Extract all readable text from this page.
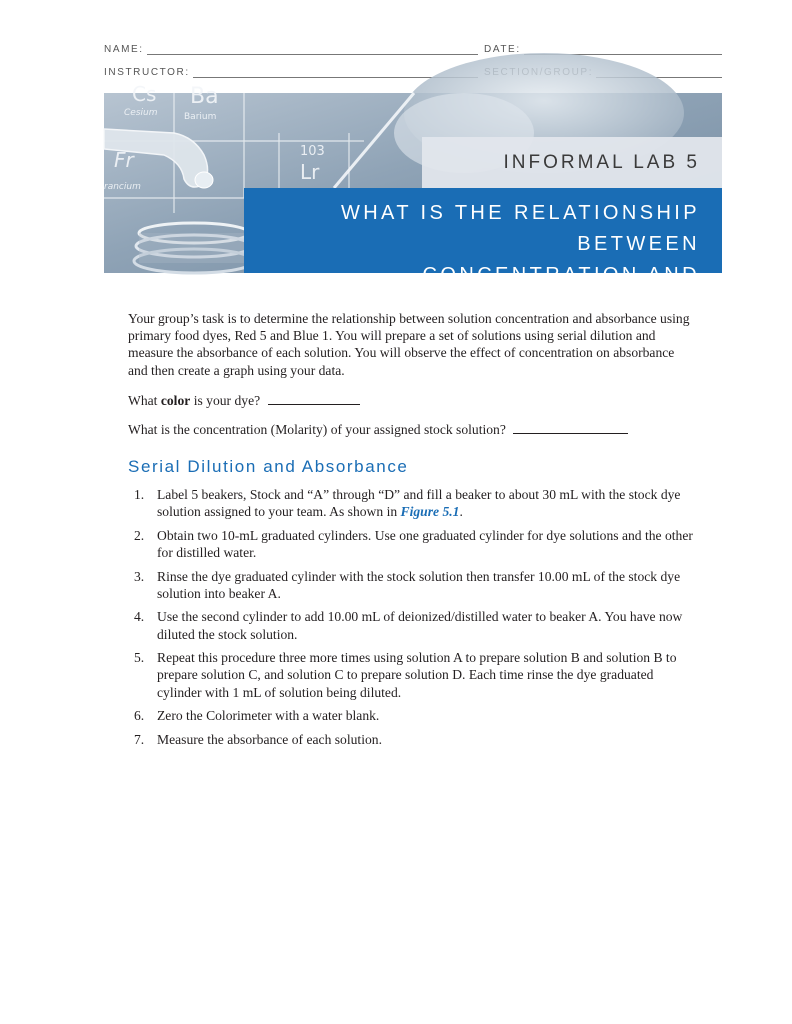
NAME:	DATE:
INSTRUCTOR:
Cs
Cesium
Ba
Barium
Fr
rancium
103
Lr	INFORMAL LAB 5
WHAT IS THE RELATIONSHIP BETWEEN
CONCENTRATION AND ABSORBANCE?

Your group’s task is to determine the relationship between solution concentration and absorbance using primary food dyes, Red 5 and Blue 1. You will prepare a set of solutions using serial dilution and measure the absorbance of each solution. You will observe the effect of concentration on absorbance and then create a graph using your data.

What color is your dye?
What is the concentration (Molarity) of your assigned stock solution?
Serial Dilution and Absorbance
1. Label 5 beakers, Stock and “A” through “D” and fill a beaker to about 30 mL with the stock dye solution assigned to your team. As shown in Figure 5.1.
2. Obtain two 10-mL graduated cylinders. Use one graduated cylinder for dye solutions and the other for distilled water.
3. Rinse the dye graduated cylinder with the stock solution then transfer 10.00 mL of the stock dye solution into beaker A.
4. Use the second cylinder to add 10.00 mL of deionized/distilled water to beaker A. You have now diluted the stock solution.
5. Repeat this procedure three more times using solution A to prepare solution B and solution B to prepare solution C, and solution C to prepare solution D. Each time rinse the dye graduated cylinder with 1 mL of solution being diluted.
6. Zero the Colorimeter with a water blank.
7. Measure the absorbance of each solution.
